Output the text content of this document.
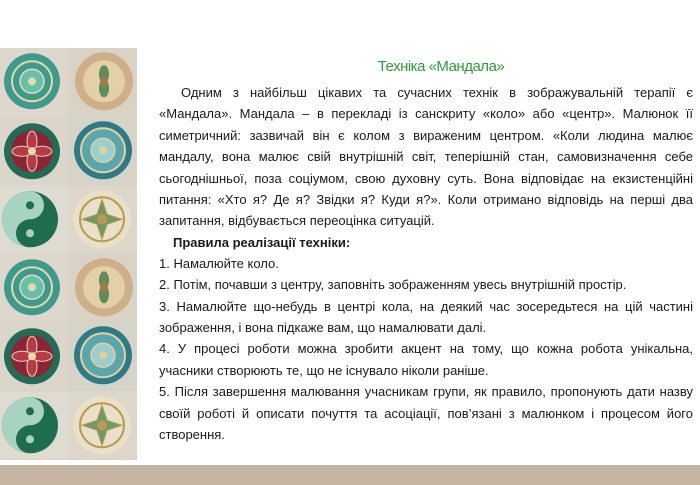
Техніка «Мандала»

Одним з найбільш цікавих та сучасних технік в зображувальній терапії є «Мандала». Мандала – в перекладі із санскриту «коло» або «центр». Малюнок її симетричний: зазвичай він є колом з вираженим центром. «Коли людина малює мандалу, вона малює свій внутрішній світ, теперішній стан, самовизначення себе сьогоднішньої, поза соціумом, свою духовну суть. Вона відповідає на екзистенційні питання: «Хто я? Де я? Звідки я? Куди я?». Коли отримано відповідь на перші два запитання, відбувається переоцінка ситуацій.

Правила реалізації техніки:
1. Намалюйте коло.
2. Потім, почавши з центру, заповніть зображенням увесь внутрішній простір.
3. Намалюйте що-небудь в центрі кола, на деякий час зосередьтеся на цій частині зображення, і вона підкаже вам, що намалювати далі.
4. У процесі роботи можна зробити акцент на тому, що кожна робота унікальна, учасники створюють те, що не існувало ніколи раніше.
5. Після завершення малювання учасникам групи, як правило, пропонують дати назву своїй роботі й описати почуття та асоціації, пов’язані з малюнком і процесом його створення.
